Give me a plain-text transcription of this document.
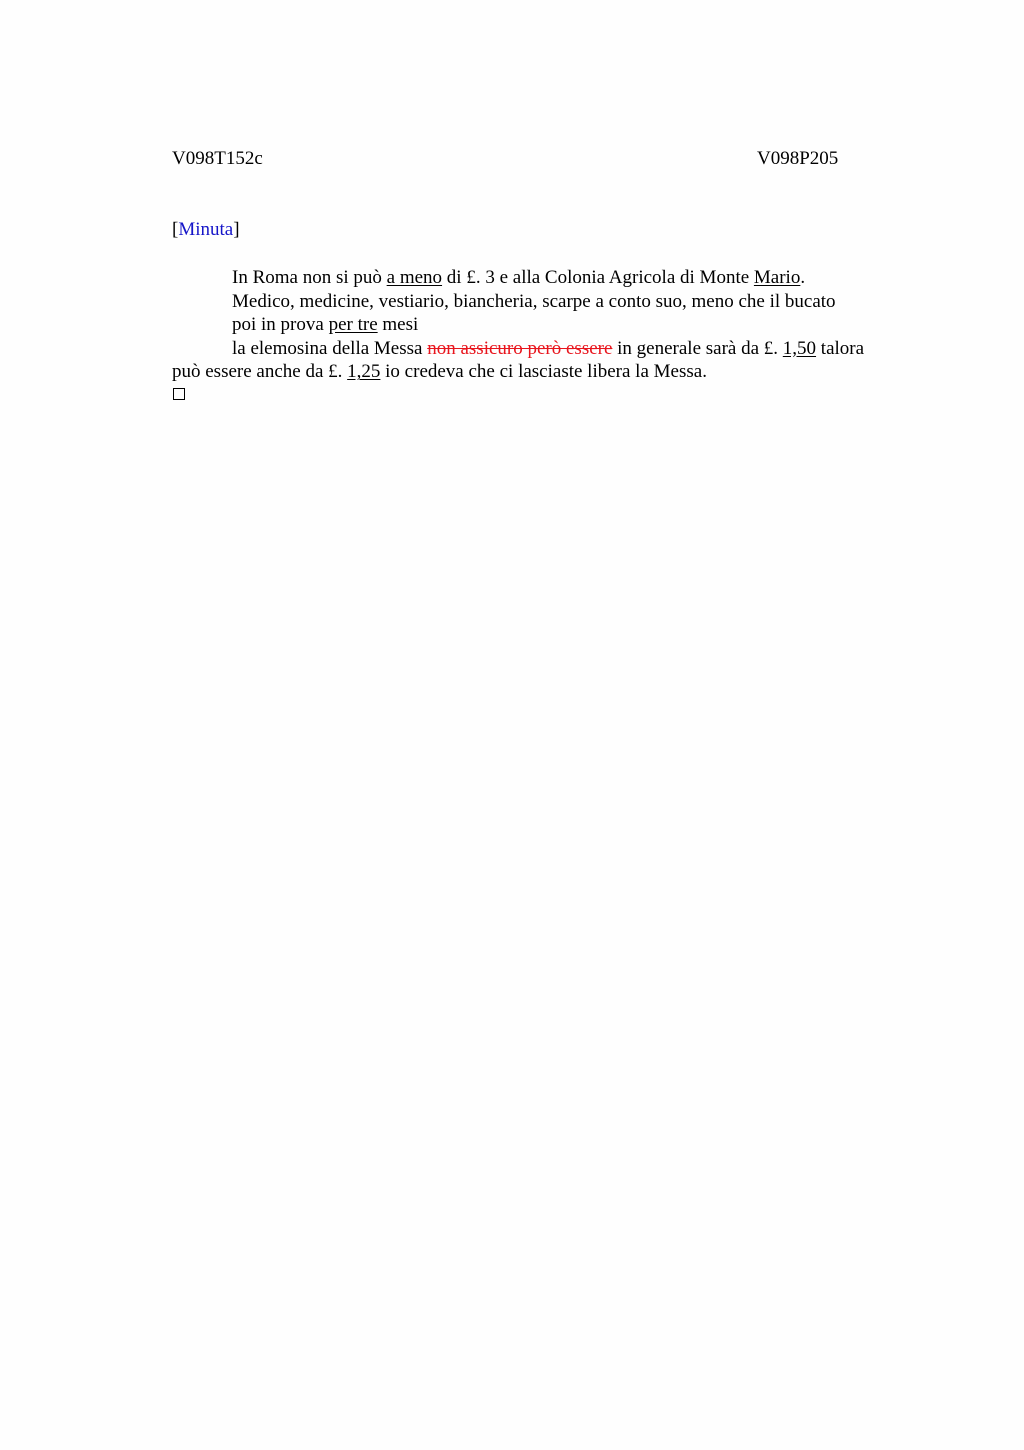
V098T152c	V098P205
[Minuta]
In Roma non si può a meno di £. 3 e alla Colonia Agricola di Monte Mario.
Medico, medicine, vestiario, biancheria, scarpe a conto suo, meno che il bucato
poi in prova per tre mesi
la elemosina della Messa non assicuro però essere in generale sarà da £. 1,50 talora
può essere anche da £. 1,25 io credeva che ci lasciaste libera la Messa.
